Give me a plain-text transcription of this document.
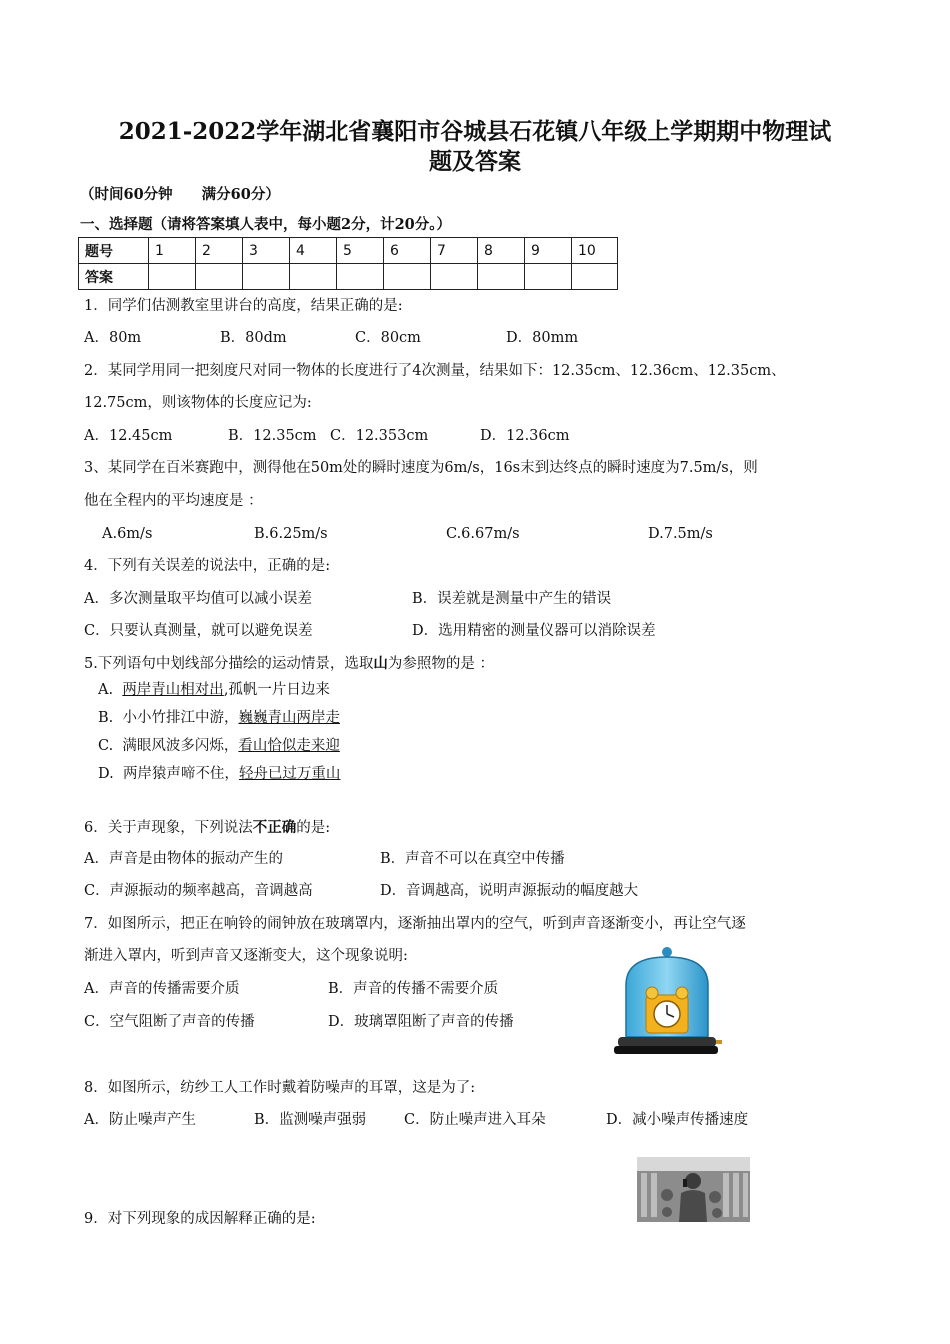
2021-2022学年湖北省襄阳市谷城县石花镇八年级上学期期中物理试
题及答案
（时间60分钟　　满分60分）
一、选择题（请将答案填人表中，每小题2分，计20分。）
题号	1	2	3	4	5	6	7	8	9	10
答案										
1．同学们估测教室里讲台的高度，结果正确的是:
A．80m	B．80dm	C．80cm	D．80mm
2．某同学用同一把刻度尺对同一物体的长度进行了4次测量，结果如下：12.35cm、12.36cm、12.35cm、
12.75cm，则该物体的长度应记为:
A．12.45cm	B．12.35cm C．12.353cm	D．12.36cm
3、某同学在百米赛跑中，测得他在50m处的瞬时速度为6m/s，16s末到达终点的瞬时速度为7.5m/s，则
他在全程内的平均速度是 ：
A.6m/s	B.6.25m/s	C.6.67m/s	D.7.5m/s
4．下列有关误差的说法中，正确的是:
A．多次测量取平均值可以减小误差	B．误差就是测量中产生的错误
C．只要认真测量，就可以避免误差	D．选用精密的测量仪器可以消除误差
5.下列语句中划线部分描绘的运动情景，选取山为参照物的是 ：
A. 两岸青山相对出,孤帆一片日边来
B. 小小竹排江中游，巍巍青山两岸走
C. 满眼风波多闪烁，看山恰似走来迎
D. 两岸猿声啼不住，轻舟已过万重山
6．关于声现象，下列说法不正确的是:
A．声音是由物体的振动产生的	B．声音不可以在真空中传播
C．声源振动的频率越高，音调越高	D．音调越高，说明声源振动的幅度越大
7．如图所示，把正在响铃的闹钟放在玻璃罩内，逐渐抽出罩内的空气，听到声音逐渐变小，再让空气逐
渐进入罩内，听到声音又逐渐变大，这个现象说明:
A．声音的传播需要介质	B．声音的传播不需要介质
C．空气阻断了声音的传播	D．玻璃罩阻断了声音的传播
8．如图所示，纺纱工人工作时戴着防噪声的耳罩，这是为了:
A．防止噪声产生	B．监测噪声强弱	C．防止噪声进入耳朵	D．减小噪声传播速度
9．对下列现象的成因解释正确的是:
